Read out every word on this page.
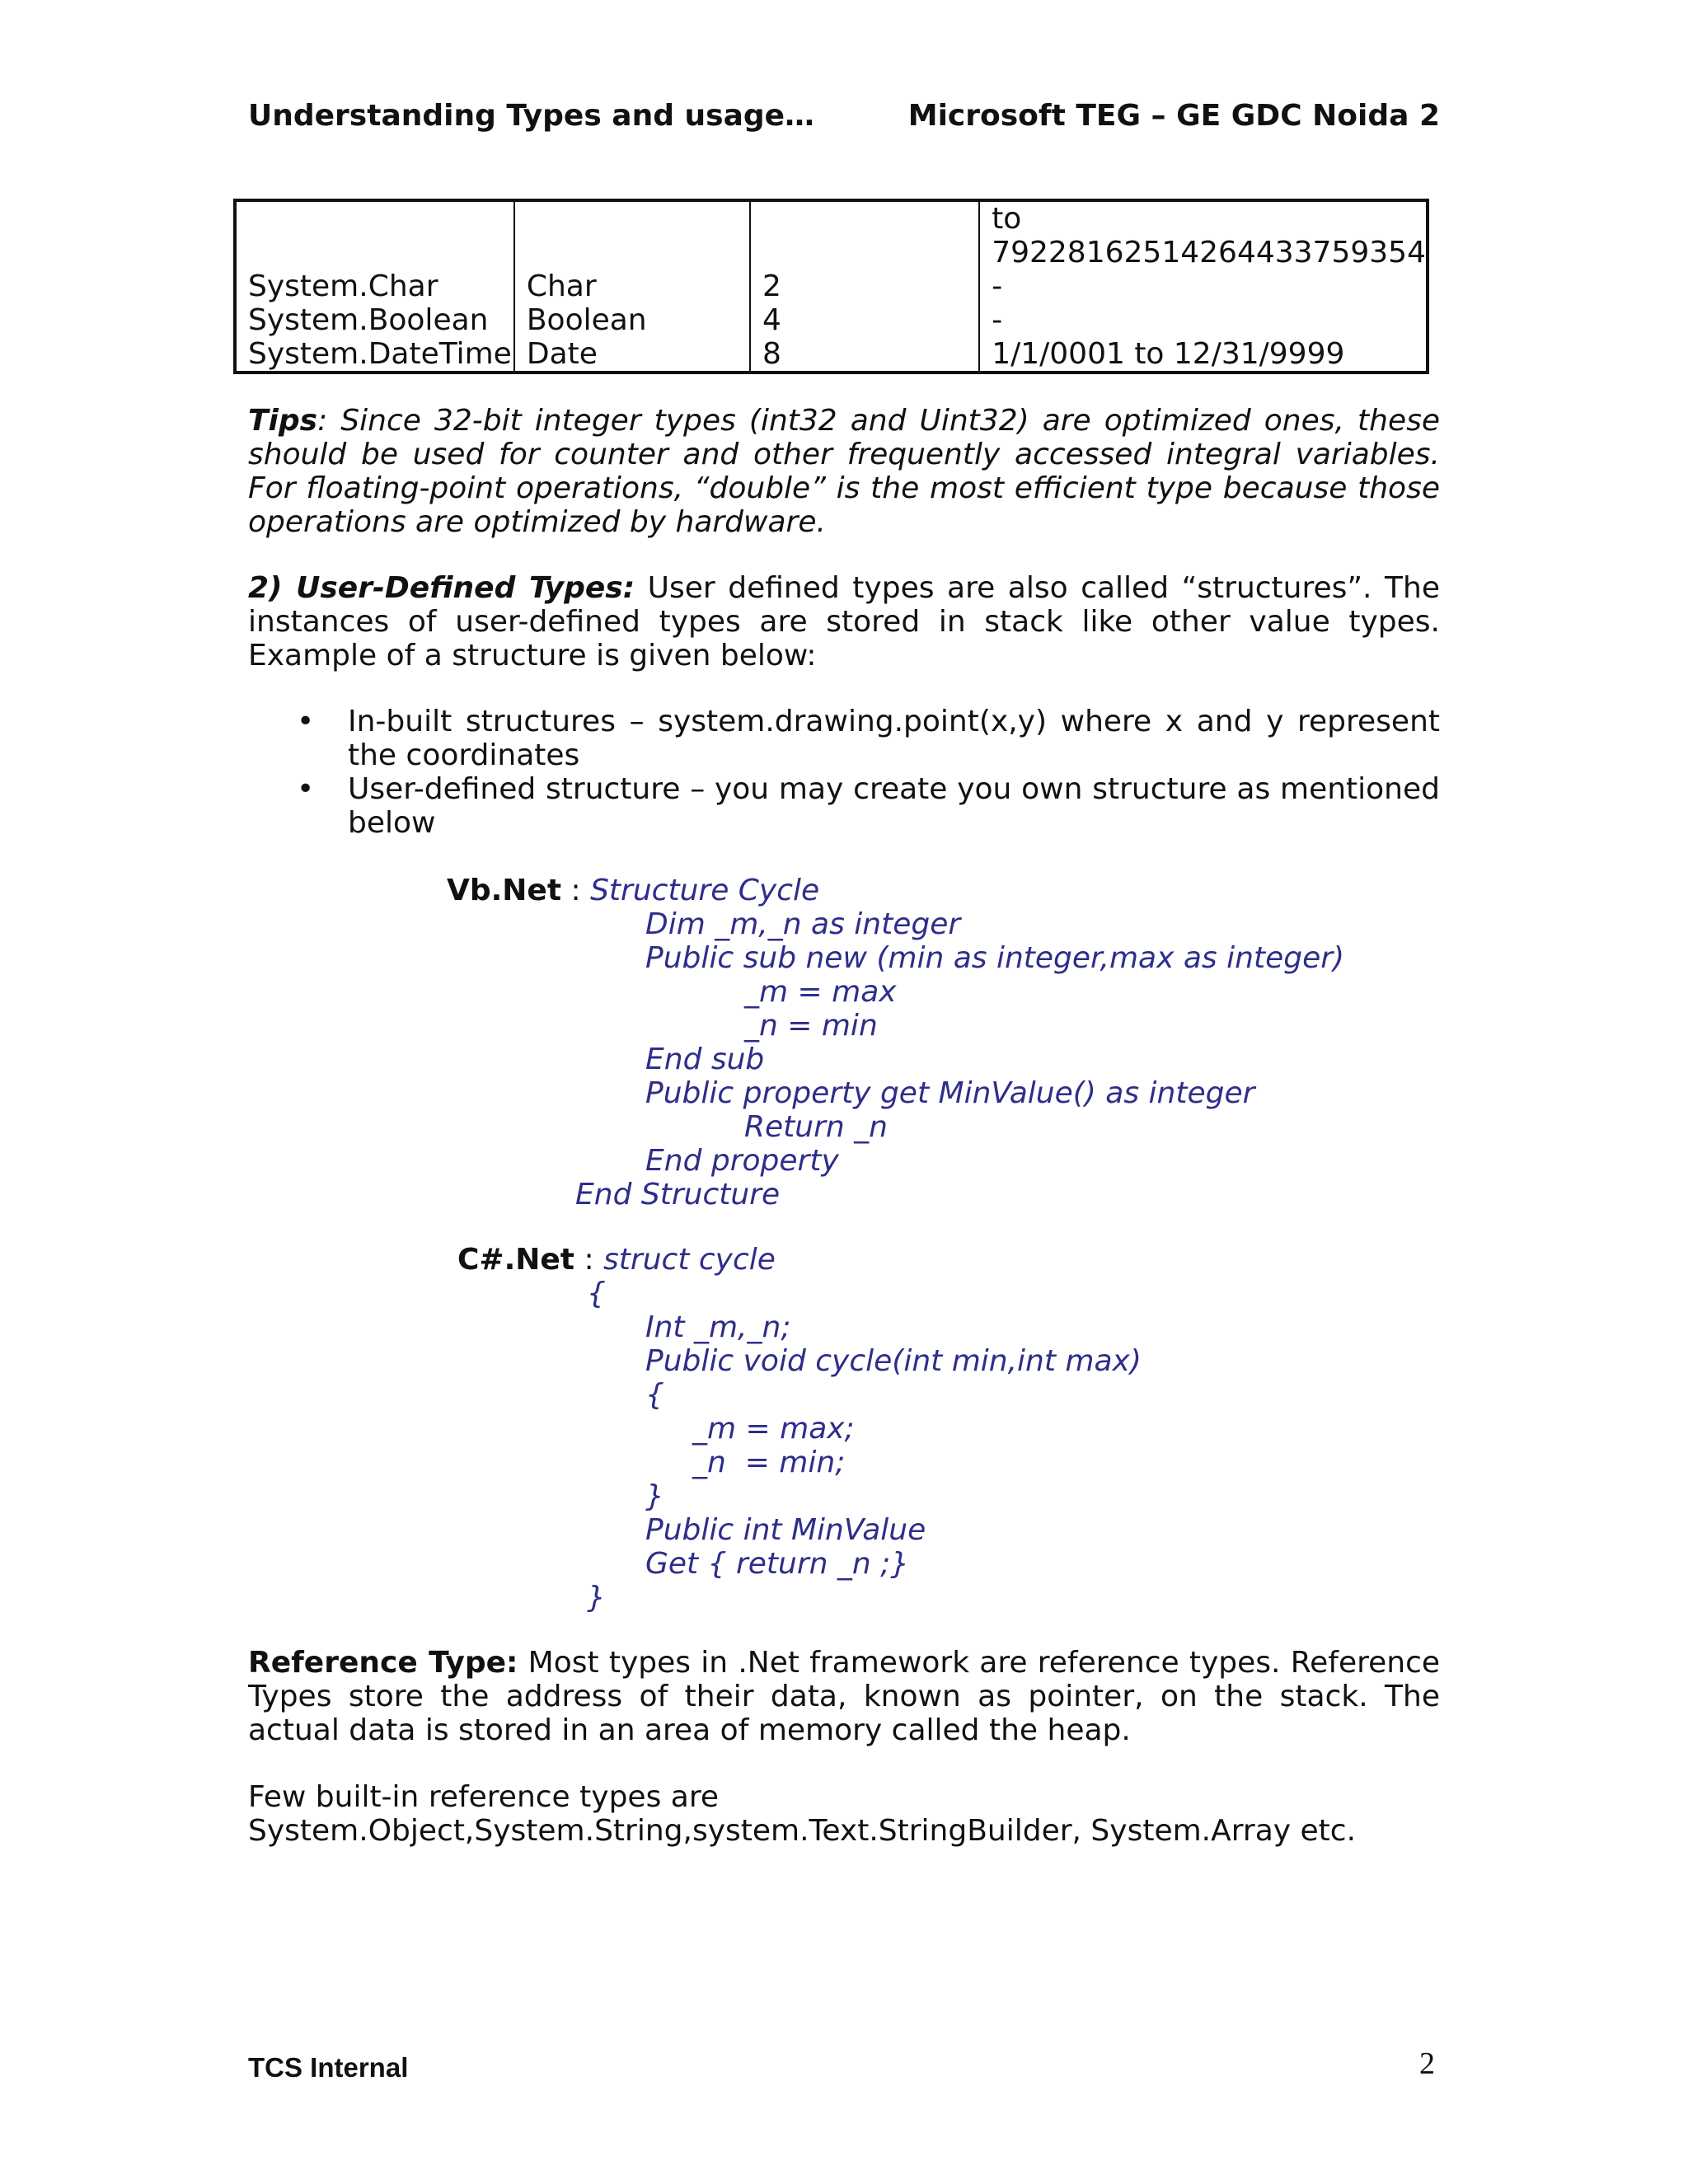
Understanding Types and usage…	Microsoft TEG – GE GDC Noida 2
			to
			79228162514264433759354
System.Char	Char	2	-
System.Boolean	Boolean	4	-
System.DateTime	Date	8	1/1/0001 to 12/31/9999
Tips: Since 32-bit integer types (int32 and Uint32) are optimized ones, these should be used for counter and other frequently accessed integral variables. For floating-point operations, “double” is the most efficient type because those operations are optimized by hardware.
2) User-Defined Types: User defined types are also called “structures”. The instances of user-defined types are stored in stack like other value types. Example of a structure is given below:
• In-built structures – system.drawing.point(x,y) where x and y represent the coordinates
• User-defined structure – you may create you own structure as mentioned below
Vb.Net : Structure Cycle
Dim _m,_n as integer
Public sub new (min as integer,max as integer)
_m = max
_n = min
End sub
Public property get MinValue() as integer
Return _n
End property
End Structure
C#.Net : struct cycle
{
Int _m,_n;
Public void cycle(int min,int max)
{
_m = max;
_n  = min;
}
Public int MinValue
Get { return _n ;}
}
Reference Type: Most types in .Net framework are reference types. Reference Types store the address of their data, known as pointer, on the stack. The actual data is stored in an area of memory called the heap.
Few built-in reference types are
System.Object,System.String,system.Text.StringBuilder, System.Array etc.
TCS Internal	2
